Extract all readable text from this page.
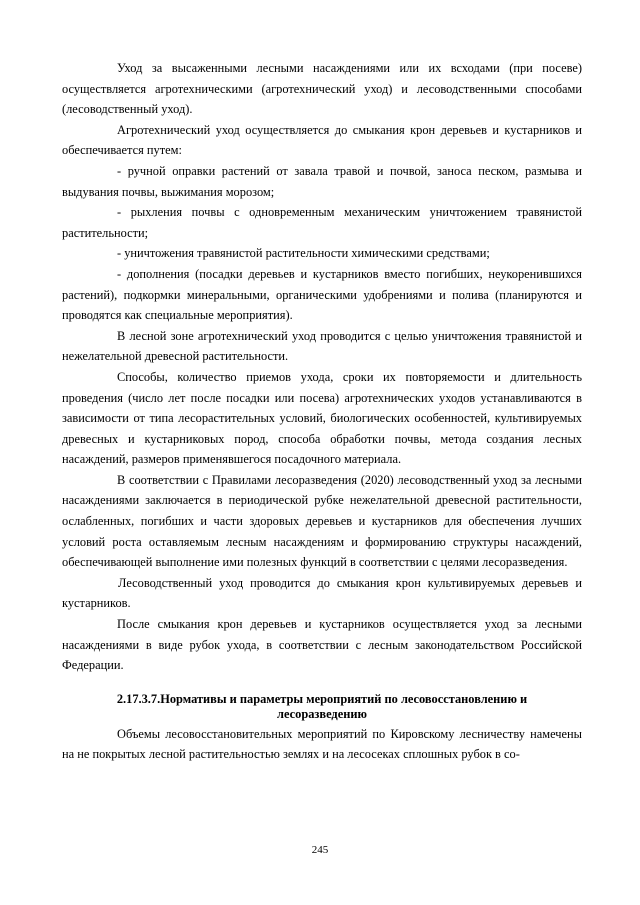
Уход за высаженными лесными насаждениями или их всходами (при посеве) осуществляется агротехническими (агротехнический уход) и лесоводственными способами (лесоводственный уход).

Агротехнический уход осуществляется до смыкания крон деревьев и кустарников и обеспечивается путем:

- ручной оправки растений от завала травой и почвой, заноса песком, размыва и выдувания почвы, выжимания морозом;

- рыхления почвы с одновременным механическим уничтожением травянистой растительности;

- уничтожения травянистой растительности химическими средствами;

- дополнения (посадки деревьев и кустарников вместо погибших, неукоренившихся растений), подкормки минеральными, органическими удобрениями и полива (планируются и проводятся как специальные мероприятия).

В лесной зоне агротехнический уход проводится с целью уничтожения травянистой и нежелательной древесной растительности.

Способы, количество приемов ухода, сроки их повторяемости и длительность проведения (число лет после посадки или посева) агротехнических уходов устанавливаются в зависимости от типа лесорастительных условий, биологических особенностей, культивируемых древесных и кустарниковых пород, способа обработки почвы, метода создания лесных насаждений, размеров применявшегося посадочного материала.

В соответствии с Правилами лесоразведения (2020) лесоводственный уход за лесными насаждениями заключается в периодической рубке нежелательной древесной растительности, ослабленных, погибших и части здоровых деревьев и кустарников для обеспечения лучших условий роста оставляемым лесным насаждениям и формированию структуры насаждений, обеспечивающей выполнение ими полезных функций в соответствии с целями лесоразведения.

Лесоводственный уход проводится до смыкания крон культивируемых деревьев и кустарников.

После смыкания крон деревьев и кустарников осуществляется уход за лесными насаждениями в виде рубок ухода, в соответствии с лесным законодательством Российской Федерации.

2.17.3.7.Нормативы и параметры мероприятий по лесовосстановлению и лесоразведению

Объемы лесовосстановительных мероприятий по Кировскому лесничеству намечены на не покрытых лесной растительностью землях и на лесосеках сплошных рубок в со-

245
